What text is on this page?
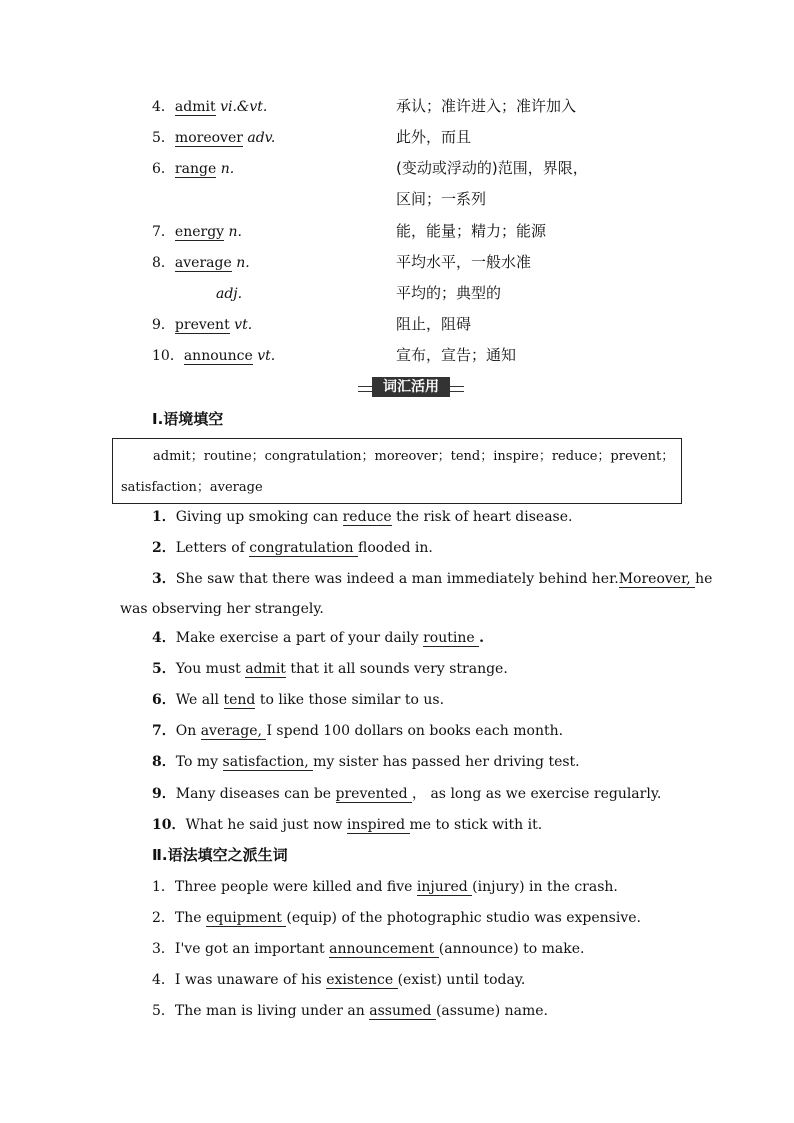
4．admit vi.&vt.	承认；准许进入；准许加入
5．moreover adv.	此外，而且
6．range n.	(变动或浮动的)范围，界限，
区间；一系列
7．energy n.	能，能量；精力；能源
8．average n.	平均水平，一般水准
adj.	平均的；典型的
9．prevent vt.	阻止，阻碍
10．announce vt.	宣布，宣告；通知
词汇活用
Ⅰ.语境填空
admit；routine；congratulation；moreover；tend；inspire；reduce；prevent；
satisfaction；average
1．Giving up smoking can reduce the risk of heart disease.
2．Letters of congratulation flooded in.
3．She saw that there was indeed a man immediately behind her.Moreover, he
was observing her strangely.
4．Make exercise a part of your daily routine .
5．You must admit that it all sounds very strange.
6．We all tend to like those similar to us.
7．On average, I spend 100 dollars on books each month.
8．To my satisfaction, my sister has passed her driving test.
9．Many diseases can be prevented ， as long as we exercise regularly.
10．What he said just now inspired me to stick with it.
Ⅱ.语法填空之派生词
1．Three people were killed and five injured (injury) in the crash.
2．The equipment (equip) of the photographic studio was expensive.
3．I've got an important announcement (announce) to make.
4．I was unaware of his existence (exist) until today.
5．The man is living under an assumed (assume) name.
